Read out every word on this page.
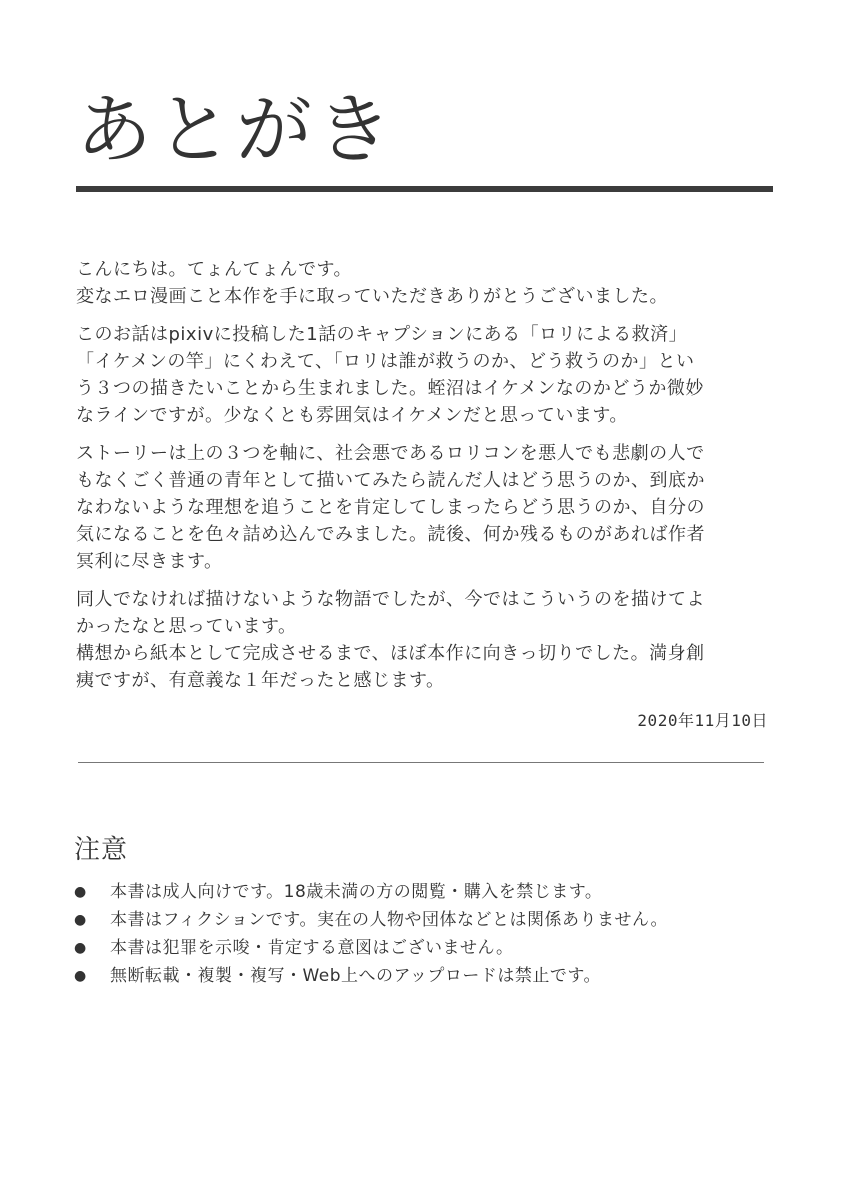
あとがき
こんにちは。てょんてょんです。
変なエロ漫画こと本作を手に取っていただきありがとうございました。
このお話はpixivに投稿した1話のキャプションにある「ロリによる救済」
「イケメンの竿」にくわえて、「ロリは誰が救うのか、どう救うのか」とい
う３つの描きたいことから生まれました。蛭沼はイケメンなのかどうか微妙
なラインですが。少なくとも雰囲気はイケメンだと思っています。
ストーリーは上の３つを軸に、社会悪であるロリコンを悪人でも悲劇の人で
もなくごく普通の青年として描いてみたら読んだ人はどう思うのか、到底か
なわないような理想を追うことを肯定してしまったらどう思うのか、自分の
気になることを色々詰め込んでみました。読後、何か残るものがあれば作者
冥利に尽きます。
同人でなければ描けないような物語でしたが、今ではこういうのを描けてよ
かったなと思っています。
構想から紙本として完成させるまで、ほぼ本作に向きっ切りでした。満身創
痍ですが、有意義な１年だったと感じます。
2020年11月10日
注意
● 本書は成人向けです。18歳未満の方の閲覧・購入を禁じます。
● 本書はフィクションです。実在の人物や団体などとは関係ありません。
● 本書は犯罪を示唆・肯定する意図はございません。
● 無断転載・複製・複写・Web上へのアップロードは禁止です。
